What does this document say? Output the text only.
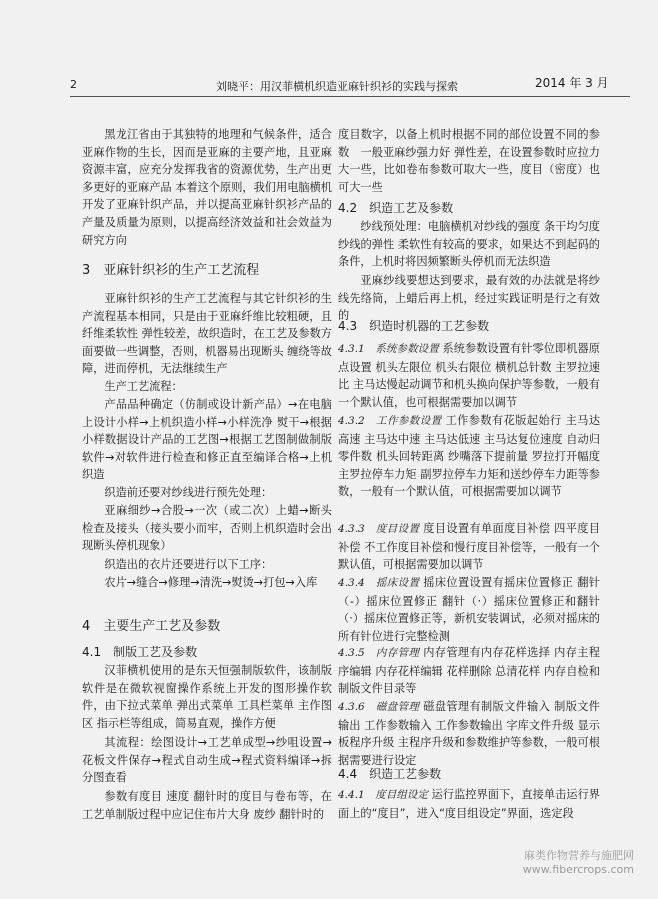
2	刘晓平：用汉菲横机织造亚麻针织衫的实践与探索	2014 年 3 月
黑龙江省由于其独特的地理和气候条件，适合亚麻作物的生长，因而是亚麻的主要产地，且亚麻资源丰富，应充分发挥我省的资源优势，生产出更多更好的亚麻产品 本着这个原则，我们用电脑横机开发了亚麻针织产品，并以提高亚麻针织衫产品的产量及质量为原则，以提高经济效益和社会效益为研究方向
3　亚麻针织衫的生产工艺流程
亚麻针织衫的生产工艺流程与其它针织衫的生产流程基本相同，只是由于亚麻纤维比较粗硬，且纤维柔软性 弹性较差，故织造时，在工艺及参数方面要做一些调整，否则，机器易出现断头 缠绕等故障，进而停机，无法继续生产
生产工艺流程：
产品品种确定（仿制或设计新产品）→在电脑上设计小样→上机织造小样→小样洗净 熨干→根据小样数据设计产品的工艺图→根据工艺图制做制版软件→对软件进行检查和修正直至编译合格→上机织造
织造前还要对纱线进行预先处理：
亚麻细纱→合股→一次（或二次）上蜡→断头检查及接头（接头要小而牢，否则上机织造时会出现断头停机现象）
织造出的衣片还要进行以下工序：
农片→缝合→修理→清洗→熨烫→打包→入库
4　主要生产工艺及参数
4.1　制版工艺及参数
汉菲横机使用的是东天恒强制版软件，该制版软件是在微软视窗操作系统上开发的图形操作软件，由下拉式菜单 弹出式菜单 工具栏菜单 主作图区 指示栏等组成，简易直观，操作方便
其流程：绘图设计→工艺单成型→纱咀设置→花板文件保存→程式自动生成→程式资料编译→拆分图查看
参数有度目 速度 翻针时的度目与卷布等，在工艺单制版过程中应记住布片大身 废纱 翻针时的
度目数字，以备上机时根据不同的部位设置不同的参数　一般亚麻纱强力好 弹性差，在设置参数时应拉力大一些，比如卷布参数可取大一些，度目（密度）也可大一些
4.2　织造工艺及参数
纱线预处理：电脑横机对纱线的强度 条干均匀度 纱线的弹性 柔软性有较高的要求，如果达不到起码的条件，上机时将因频繁断头停机而无法织造
亚麻纱线要想达到要求，最有效的办法就是将纱线先络筒，上蜡后再上机，经过实践证明是行之有效的
4.3　织造时机器的工艺参数
4.3.1　系统参数设置 系统参数设置有针零位即机器原点设置 机头左限位 机头右限位 横机总针数 主罗拉速比 主马达慢起动调节和机头换向保护等参数，一般有一个默认值，也可根据需要加以调节
4.3.2　工作参数设置 工作参数有花版起始行 主马达高速 主马达中速 主马达低速 主马达复位速度 自动归零件数 机头回转距离 纱嘴落下提前量 罗拉打开幅度 主罗拉停车力矩 副罗拉停车力矩和送纱停车力距等参数，一般有一个默认值，可根据需要加以调节
4.3.3　度目设置 度目设置有单面度目补偿 四平度目补偿 不工作度目补偿和慢行度目补偿等，一般有一个默认值，可根据需要加以调节
4.3.4　摇床设置 摇床位置设置有摇床位置修正 翻针（-）摇床位置修正 翻针（·）摇床位置修正和翻针（·）摇床位置修正等，新机安装调试，必须对摇床的所有针位进行完整检测
4.3.5　内存管理 内存管理有内存花样选择 内存主程序编辑 内存花样编辑 花样删除 总清花样 内存自检和制版文件目录等
4.3.6　磁盘管理 磁盘管理有制版文件输入 制版文件输出 工作参数输入 工作参数输出 字库文件升级 显示板程序升级 主程序升级和参数维护等参数，一般可根据需要进行设定
4.4　织造工艺参数
4.4.1　度目组设定 运行监控界面下，直接单击运行界面上的“度目”，进入“度目组设定”界面，选定段
麻类作物营养与施肥网
www.fibercrops.com
